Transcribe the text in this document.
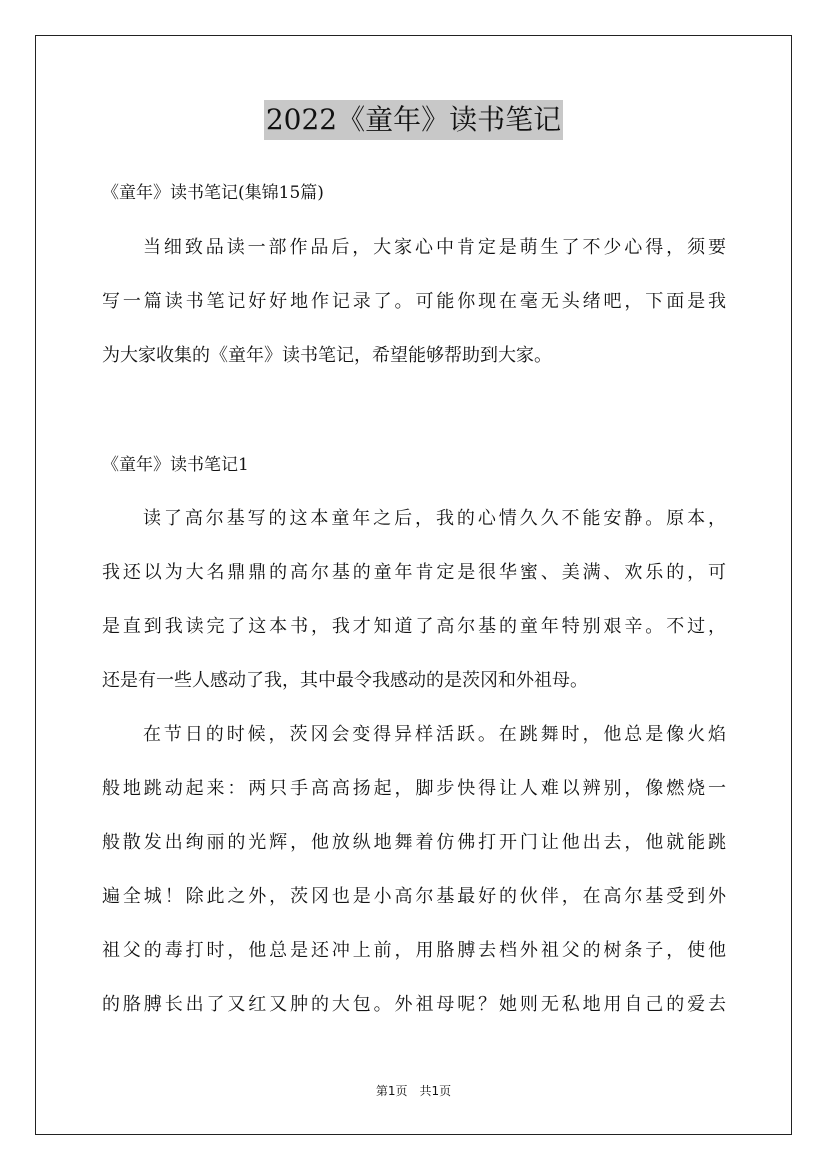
2022《童年》读书笔记
《童年》读书笔记(集锦15篇)
当细致品读一部作品后，大家心中肯定是萌生了不少心得，须要
写一篇读书笔记好好地作记录了。可能你现在毫无头绪吧，下面是我
为大家收集的《童年》读书笔记，希望能够帮助到大家。
《童年》读书笔记1
读了高尔基写的这本童年之后，我的心情久久不能安静。原本，
我还以为大名鼎鼎的高尔基的童年肯定是很华蜜、美满、欢乐的，可
是直到我读完了这本书，我才知道了高尔基的童年特别艰辛。不过，
还是有一些人感动了我，其中最令我感动的是茨冈和外祖母。
在节日的时候，茨冈会变得异样活跃。在跳舞时，他总是像火焰
般地跳动起来：两只手高高扬起，脚步快得让人难以辨别，像燃烧一
般散发出绚丽的光辉，他放纵地舞着仿佛打开门让他出去，他就能跳
遍全城！除此之外，茨冈也是小高尔基最好的伙伴，在高尔基受到外
祖父的毒打时，他总是还冲上前，用胳膊去档外祖父的树条子，使他
的胳膊长出了又红又肿的大包。外祖母呢？她则无私地用自己的爱去
第1页　共1页
